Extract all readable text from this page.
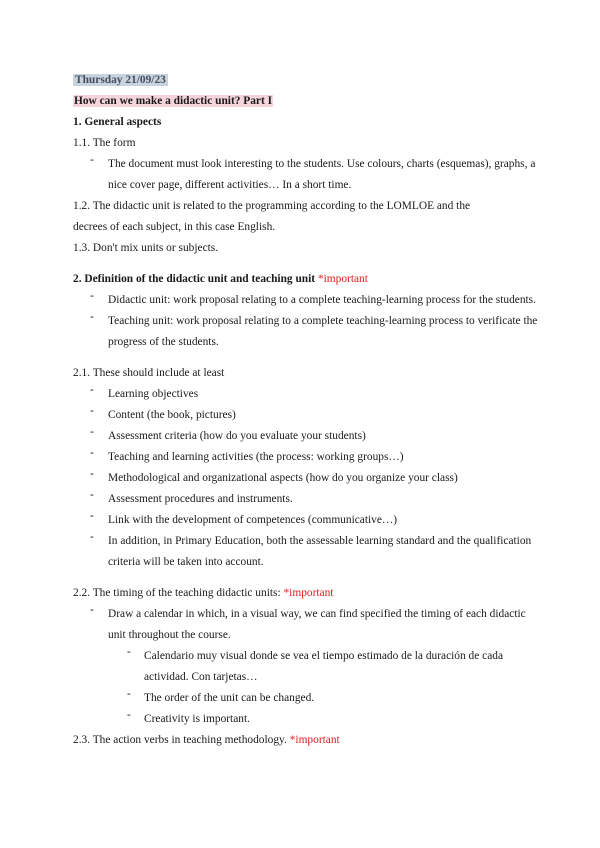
Thursday 21/09/23
How can we make a didactic unit? Part I
1. General aspects
1.1. The form
- The document must look interesting to the students. Use colours, charts (esquemas), graphs, a nice cover page, different activities… In a short time.
1.2. The didactic unit is related to the programming according to the LOMLOE and the
decrees of each subject, in this case English.
1.3. Don't mix units or subjects.
2. Definition of the didactic unit and teaching unit *important
- Didactic unit: work proposal relating to a complete teaching-learning process for the students.
- Teaching unit: work proposal relating to a complete teaching-learning process to verificate the progress of the students.
2.1. These should include at least
- Learning objectives
- Content (the book, pictures)
- Assessment criteria (how do you evaluate your students)
- Teaching and learning activities (the process: working groups…)
- Methodological and organizational aspects (how do you organize your class)
- Assessment procedures and instruments.
- Link with the development of competences (communicative…)
- In addition, in Primary Education, both the assessable learning standard and the qualification criteria will be taken into account.
2.2. The timing of the teaching didactic units: *important
- Draw a calendar in which, in a visual way, we can find specified the timing of each didactic unit throughout the course.
- Calendario muy visual donde se vea el tiempo estimado de la duración de cada actividad. Con tarjetas…
- The order of the unit can be changed.
- Creativity is important.
2.3. The action verbs in teaching methodology. *important
